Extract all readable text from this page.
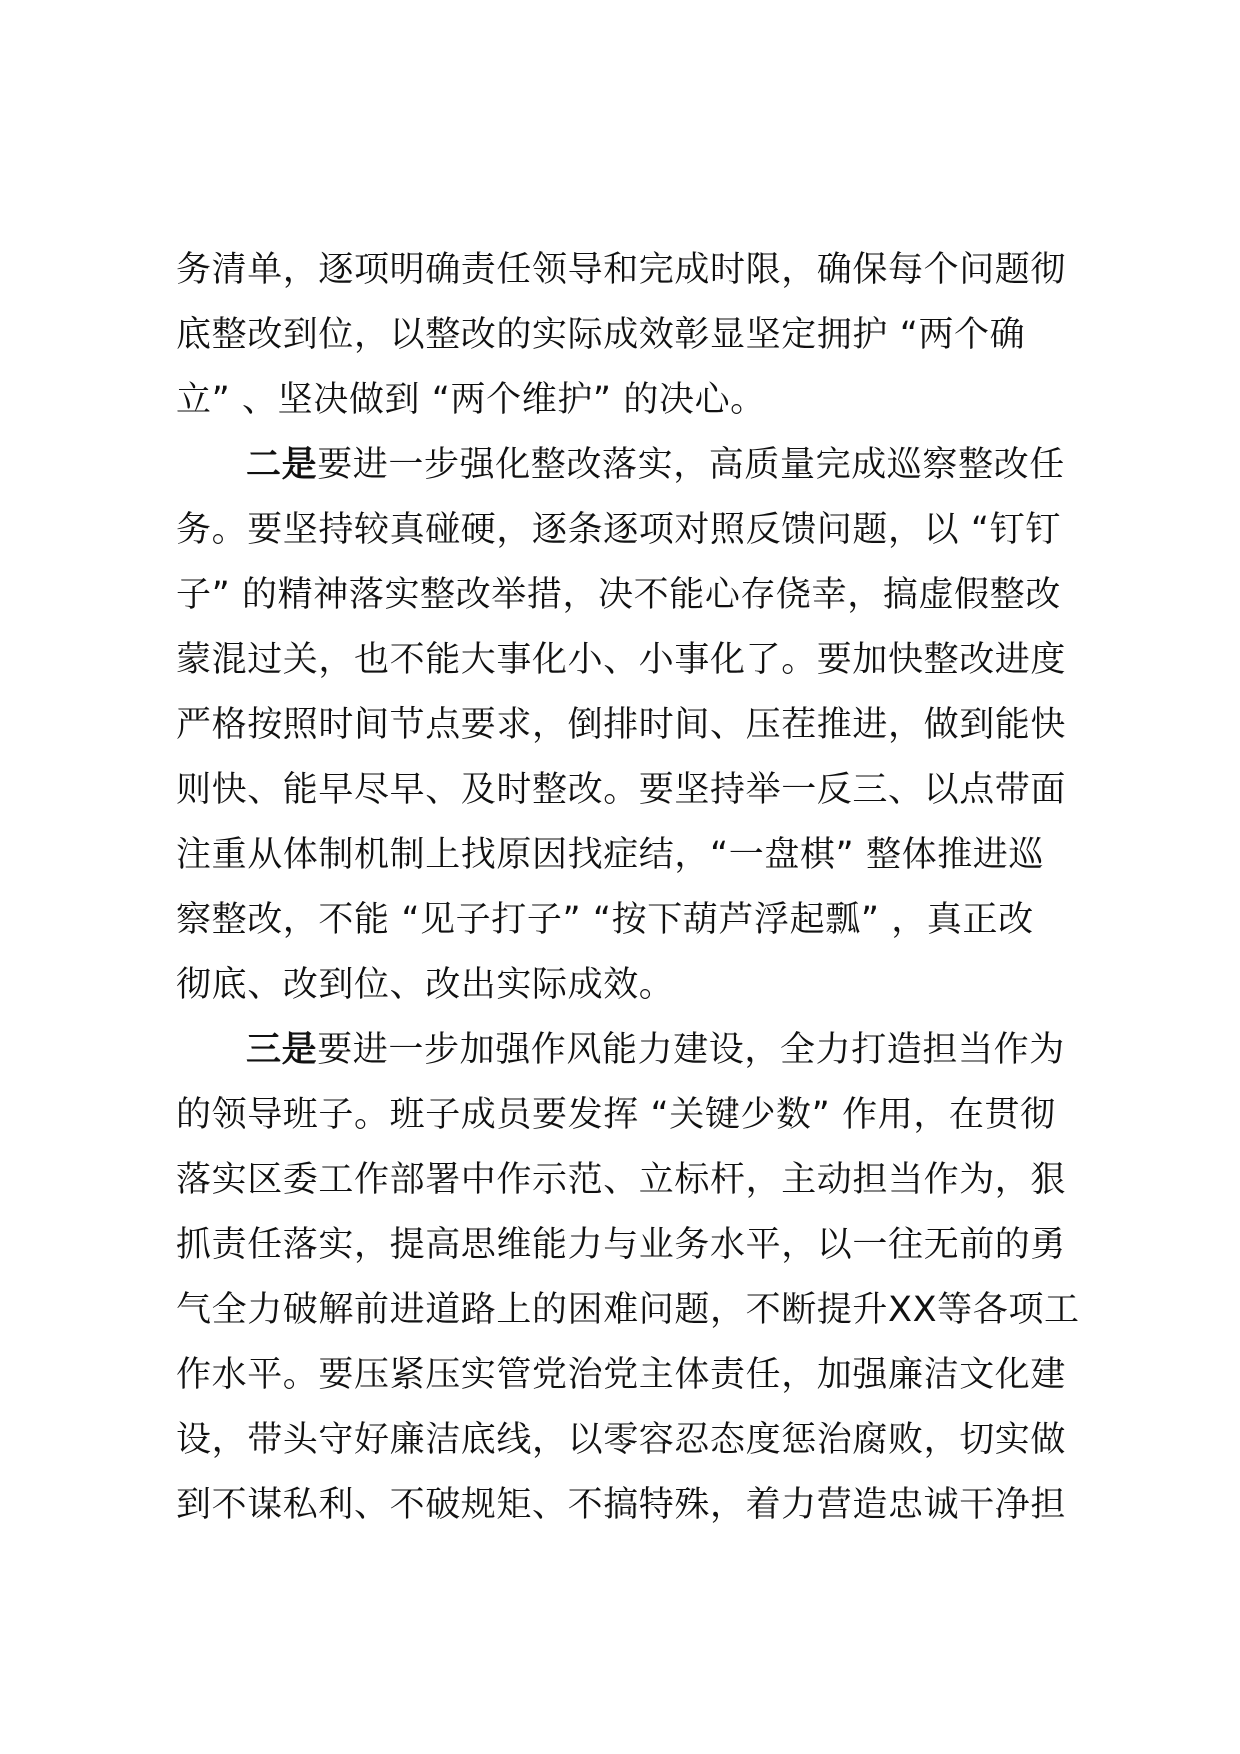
务清单，逐项明确责任领导和完成时限，确保每个问题彻
底整改到位，以整改的实际成效彰显坚定拥护 “两个确
立” 、坚决做到 “两个维护” 的决心。
二是要进一步强化整改落实，高质量完成巡察整改任
务。要坚持较真碰硬，逐条逐项对照反馈问题，以 “钉钉
子” 的精神落实整改举措，决不能心存侥幸，搞虚假整改
蒙混过关，也不能大事化小、小事化了。要加快整改进度
严格按照时间节点要求，倒排时间、压茬推进，做到能快
则快、能早尽早、及时整改。要坚持举一反三、以点带面
注重从体制机制上找原因找症结，“一盘棋” 整体推进巡
察整改，不能 “见子打子” “按下葫芦浮起瓢” ，真正改
彻底、改到位、改出实际成效。
三是要进一步加强作风能力建设，全力打造担当作为
的领导班子。班子成员要发挥 “关键少数” 作用，在贯彻
落实区委工作部署中作示范、立标杆，主动担当作为，狠
抓责任落实，提高思维能力与业务水平，以一往无前的勇
气全力破解前进道路上的困难问题，不断提升XX等各项工
作水平。要压紧压实管党治党主体责任，加强廉洁文化建
设，带头守好廉洁底线，以零容忍态度惩治腐败，切实做
到不谋私利、不破规矩、不搞特殊，着力营造忠诚干净担
